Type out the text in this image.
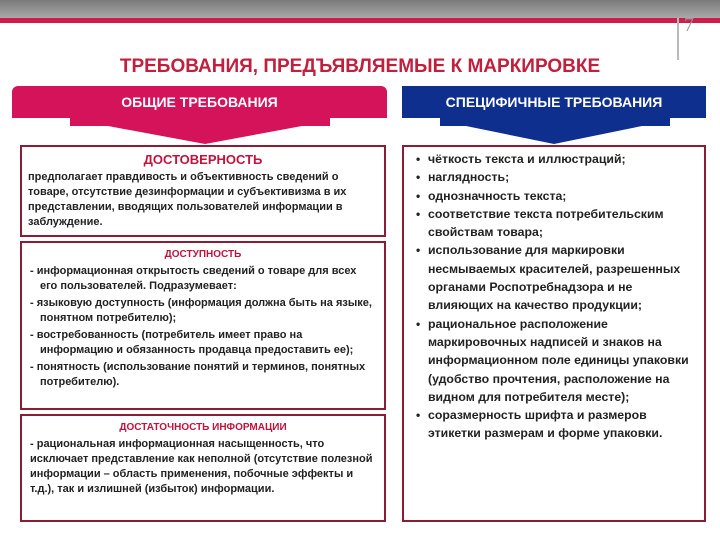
7
ТРЕБОВАНИЯ, ПРЕДЪЯВЛЯЕМЫЕ К МАРКИРОВКЕ
ОБЩИЕ ТРЕБОВАНИЯ	СПЕЦИФИЧНЫЕ ТРЕБОВАНИЯ
ДОСТОВЕРНОСТЬ
предполагает правдивость и объективность сведений о товаре, отсутствие дезинформации и субъективизма в их представлении, вводящих пользователей информации в заблуждение.
ДОСТУПНОСТЬ
- информационная открытость сведений о товаре для всех его пользователей. Подразумевает:
- языковую доступность (информация должна быть на языке, понятном потребителю);
- востребованность (потребитель имеет право на информацию и обязанность продавца предоставить ее);
- понятность (использование понятий и терминов, понятных потребителю).
ДОСТАТОЧНОСТЬ ИНФОРМАЦИИ
- рациональная информационная насыщенность, что исключает представление как неполной (отсутствие полезной информации – область применения, побочные эффекты и т.д.), так и излишней (избыток) информации.
• чёткость текста и иллюстраций;
• наглядность;
• однозначность текста;
• соответствие текста потребительским свойствам товара;
• использование для маркировки несмываемых красителей, разрешенных органами Роспотребнадзора и не влияющих на качество продукции;
• рациональное расположение маркировочных надписей и знаков на информационном поле единицы упаковки (удобство прочтения, расположение на видном для потребителя месте);
• соразмерность шрифта и размеров этикетки размерам и форме упаковки.
